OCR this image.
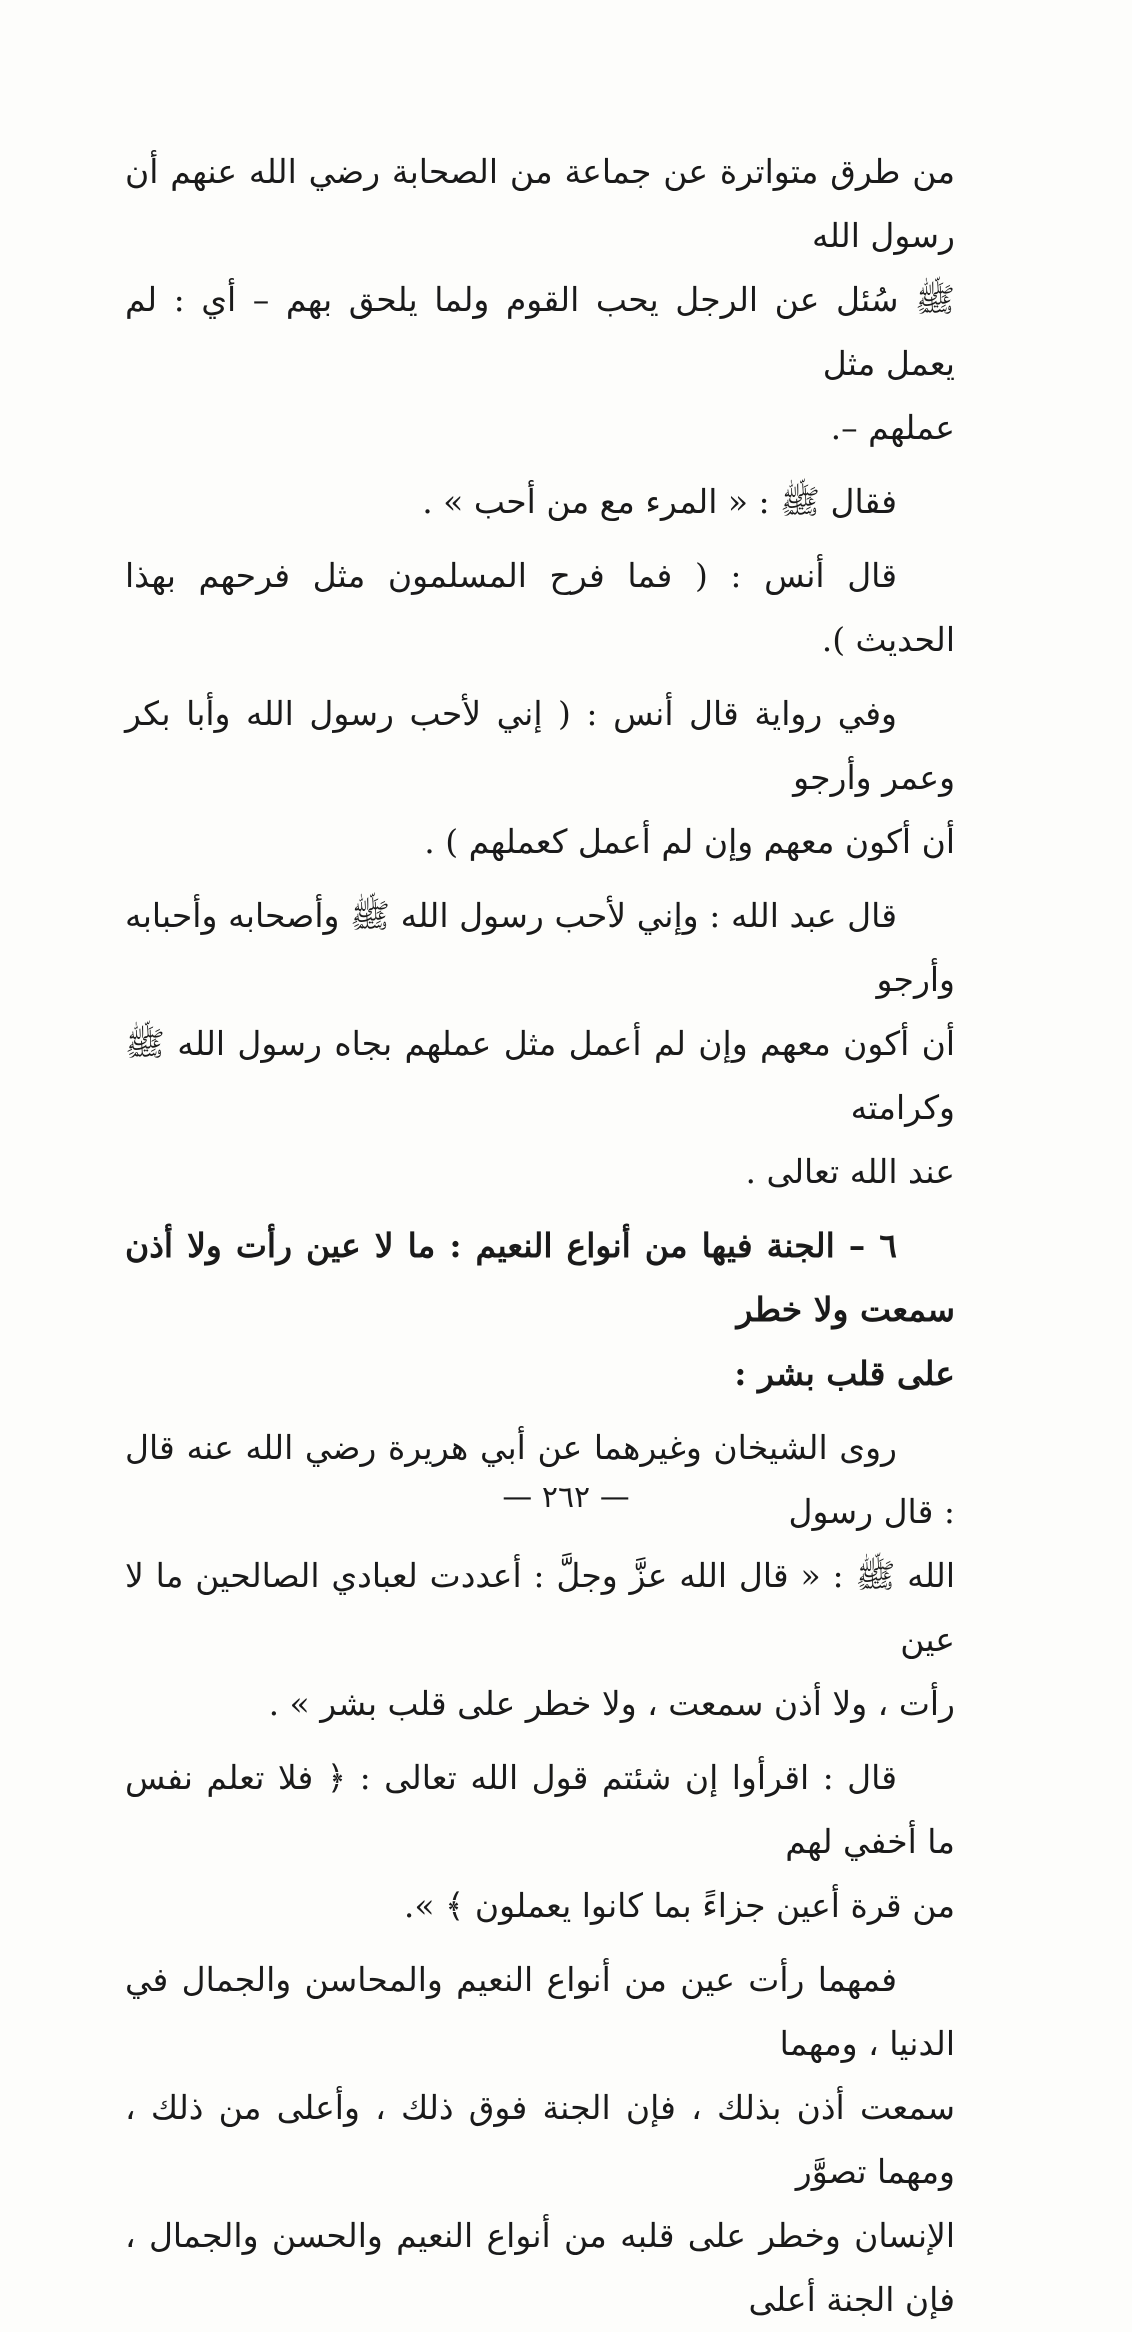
من طرق متواترة عن جماعة من الصحابة رضي الله عنهم أن رسول الله
ﷺ سُئل عن الرجل يحب القوم ولما يلحق بهم – أي : لم يعمل مثل
عملهم –.
فقال ﷺ : « المرء مع من أحب » .
قال أنس : ( فما فرح المسلمون مثل فرحهم بهذا الحديث ).
وفي رواية قال أنس : ( إني لأحب رسول الله وأبا بكر وعمر وأرجو
أن أكون معهم وإن لم أعمل كعملهم ) .
قال عبد الله : وإني لأحب رسول الله ﷺ وأصحابه وأحبابه وأرجو
أن أكون معهم وإن لم أعمل مثل عملهم بجاه رسول الله ﷺ وكرامته
عند الله تعالى .
٦ – الجنة فيها من أنواع النعيم : ما لا عين رأت ولا أذن سمعت ولا خطر
على قلب بشر :
روى الشيخان وغيرهما عن أبي هريرة رضي الله عنه قال : قال رسول
الله ﷺ : « قال الله عزَّ وجلَّ : أعددت لعبادي الصالحين ما لا عين
رأت ، ولا أذن سمعت ، ولا خطر على قلب بشر » .
قال : اقرأوا إن شئتم قول الله تعالى : ﴿ فلا تعلم نفس ما أخفي لهم
من قرة أعين جزاءً بما كانوا يعملون ﴾ ».
فمهما رأت عين من أنواع النعيم والمحاسن والجمال في الدنيا ، ومهما
سمعت أذن بذلك ، فإن الجنة فوق ذلك ، وأعلى من ذلك ، ومهما تصوَّر
الإنسان وخطر على قلبه من أنواع النعيم والحسن والجمال ، فإن الجنة أعلى
— ٢٦٢ —
